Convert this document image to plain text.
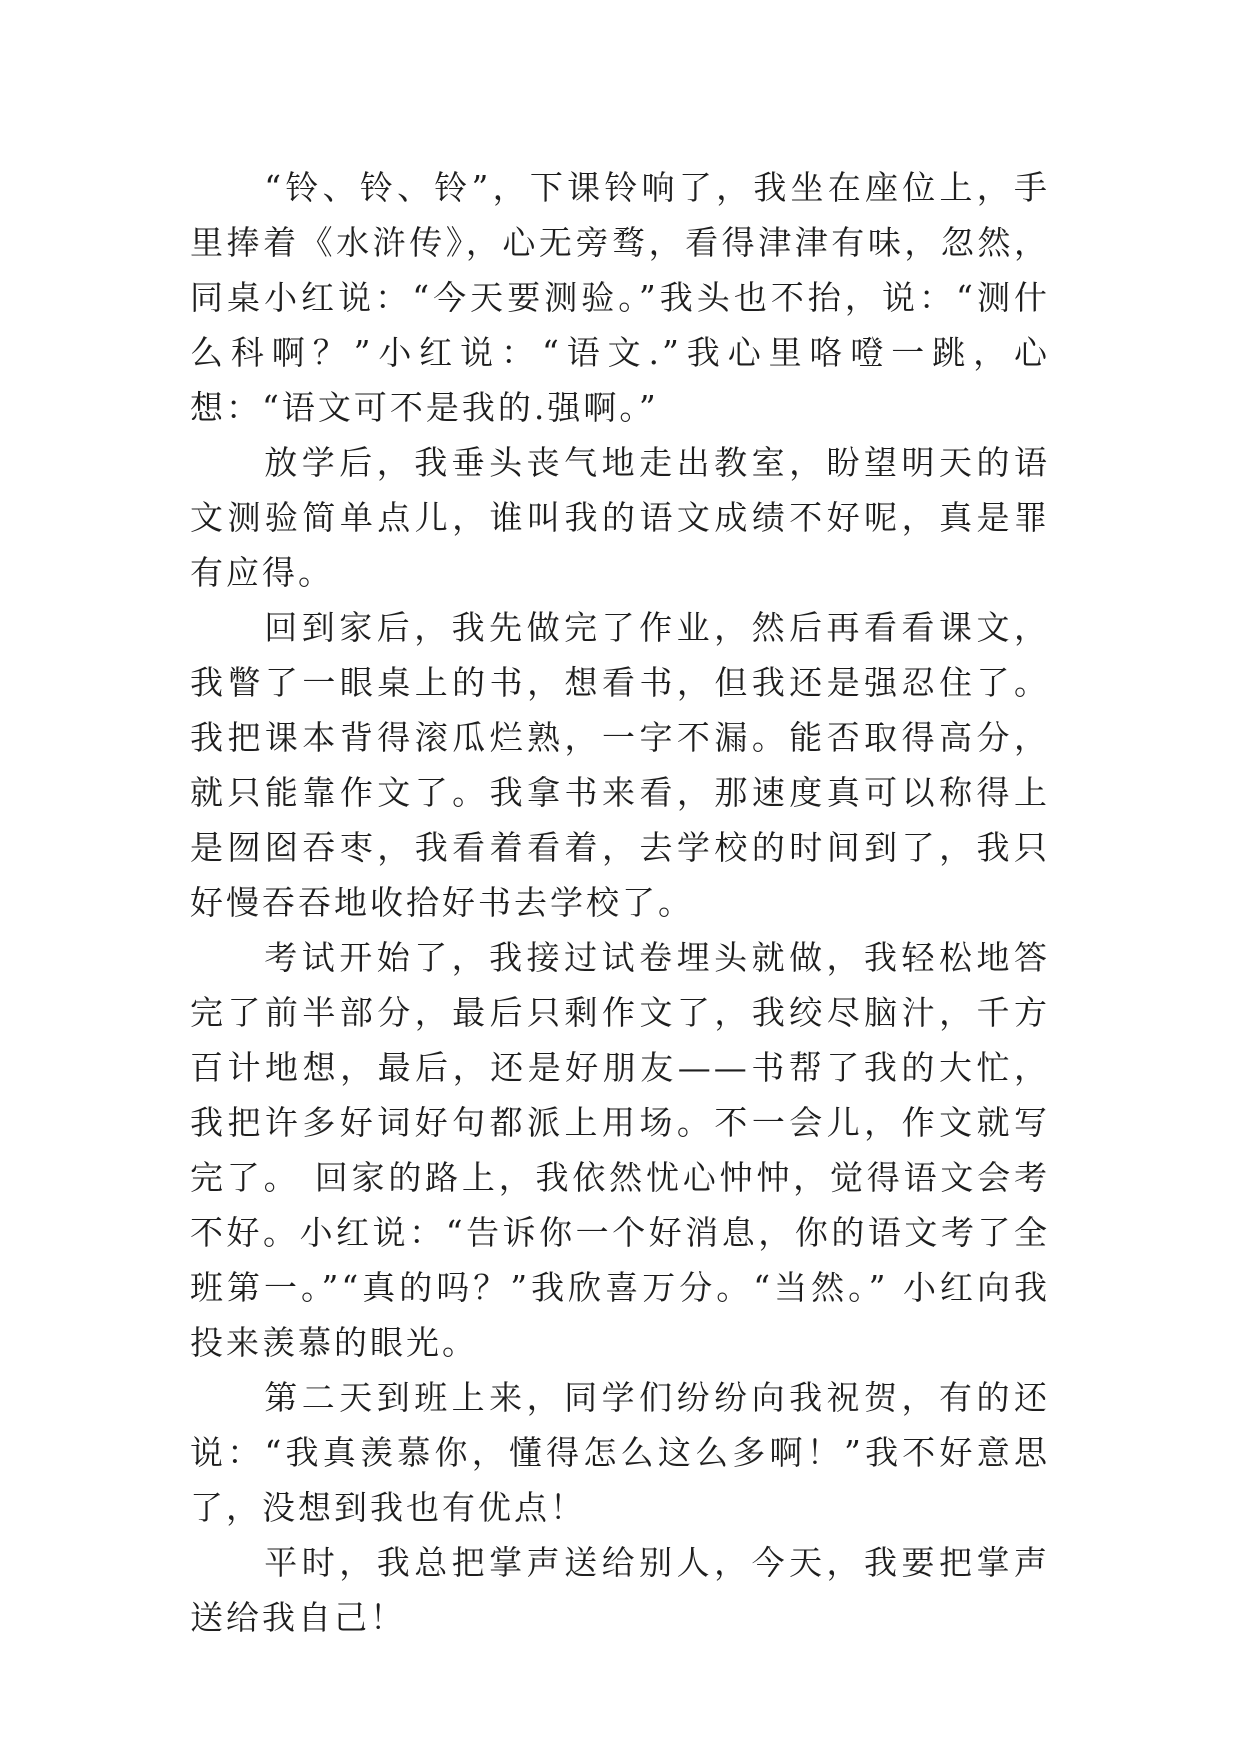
“铃、铃、铃”，下课铃响了，我坐在座位上，手里捧着《水浒传》，心无旁骛，看得津津有味，忽然，同桌小红说：“今天要测验。”我头也不抬，说：“测什么科啊？”小红说：“语文.”我心里咯噔一跳，心想：“语文可不是我的.强啊。”

放学后，我垂头丧气地走出教室，盼望明天的语文测验简单点儿，谁叫我的语文成绩不好呢，真是罪有应得。

回到家后，我先做完了作业，然后再看看课文，我瞥了一眼桌上的书，想看书，但我还是强忍住了。我把课本背得滚瓜烂熟，一字不漏。能否取得高分，就只能靠作文了。我拿书来看，那速度真可以称得上是囫囵吞枣，我看着看着，去学校的时间到了，我只好慢吞吞地收拾好书去学校了。

考试开始了，我接过试卷埋头就做，我轻松地答完了前半部分，最后只剩作文了，我绞尽脑汁，千方百计地想，最后，还是好朋友——书帮了我的大忙，我把许多好词好句都派上用场。不一会儿，作文就写完了。 回家的路上，我依然忧心忡忡，觉得语文会考不好。小红说：“告诉你一个好消息，你的语文考了全班第一。”“真的吗？”我欣喜万分。“当然。” 小红向我投来羡慕的眼光。

第二天到班上来，同学们纷纷向我祝贺，有的还说：“我真羡慕你，懂得怎么这么多啊！”我不好意思了，没想到我也有优点！

平时，我总把掌声送给别人，今天，我要把掌声送给我自己！
